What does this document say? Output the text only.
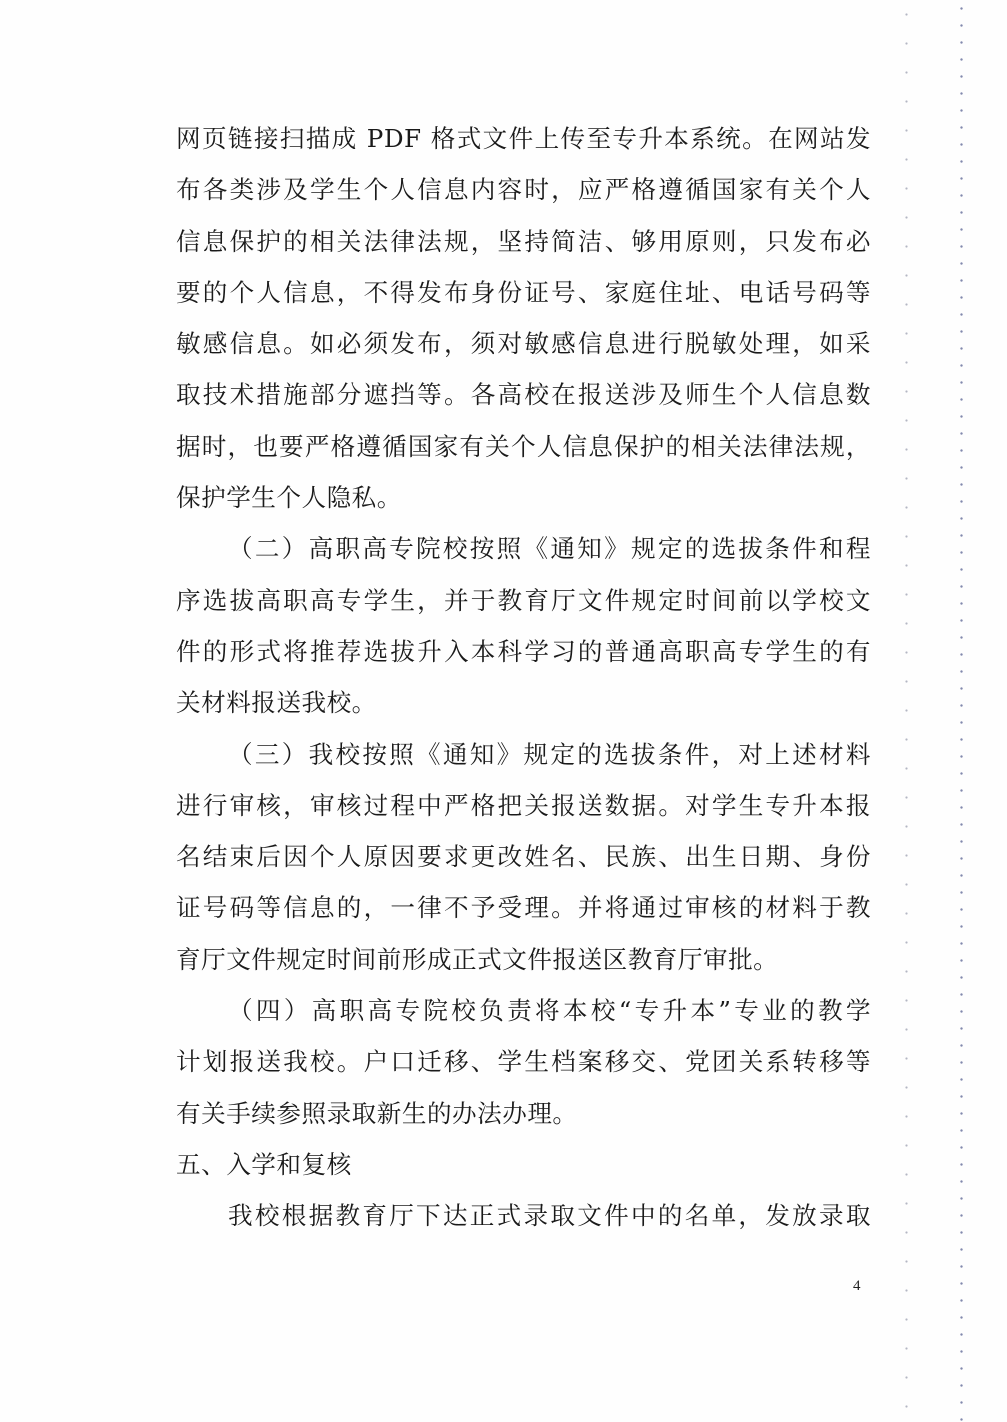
网页链接扫描成 PDF 格式文件上传至专升本系统。在网站发
布各类涉及学生个人信息内容时，应严格遵循国家有关个人
信息保护的相关法律法规，坚持简洁、够用原则，只发布必
要的个人信息，不得发布身份证号、家庭住址、电话号码等
敏感信息。如必须发布，须对敏感信息进行脱敏处理，如采
取技术措施部分遮挡等。各高校在报送涉及师生个人信息数
据时，也要严格遵循国家有关个人信息保护的相关法律法规，
保护学生个人隐私。
（二）高职高专院校按照《通知》规定的选拔条件和程
序选拔高职高专学生，并于教育厅文件规定时间前以学校文
件的形式将推荐选拔升入本科学习的普通高职高专学生的有
关材料报送我校。
（三）我校按照《通知》规定的选拔条件，对上述材料
进行审核，审核过程中严格把关报送数据。对学生专升本报
名结束后因个人原因要求更改姓名、民族、出生日期、身份
证号码等信息的，一律不予受理。并将通过审核的材料于教
育厅文件规定时间前形成正式文件报送区教育厅审批。
（四）高职高专院校负责将本校“专升本”专业的教学
计划报送我校。户口迁移、学生档案移交、党团关系转移等
有关手续参照录取新生的办法办理。
五、入学和复核
我校根据教育厅下达正式录取文件中的名单，发放录取
4
